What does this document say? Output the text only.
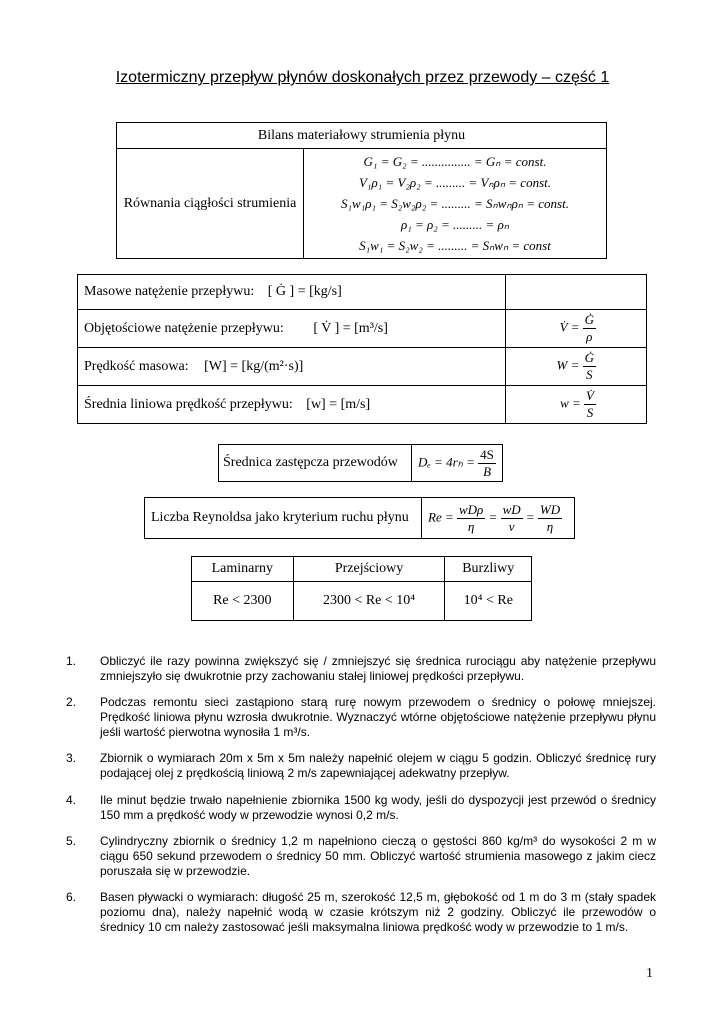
Izotermiczny przepływ płynów doskonałych przez przewody – część 1
Bilans materiałowy strumienia płynu
Równania ciągłości strumienia	
G₁ = G₂ = ............... = Gₙ = const.
V₁ρ₁ = V₂ρ₂ = ......... = Vₙρₙ = const.
S₁w₁ρ₁ = S₂w₂ρ₂ = ......... = Sₙwₙρₙ = const.
ρ₁ = ρ₂ = ......... = ρₙ
S₁w₁ = S₂w₂ = ......... = Sₙwₙ = const
Masowe natężenie przepływu: [ Ġ ] = [kg/s]	
Objętościowe natężenie przepływu: [ V̇ ] = [m³/s]	V̇ = $\frac{Ġ}{\rho}$

Prędkość masowa: [W] = [kg/(m²·s)]	$W = \frac{Ġ}{S}$

Średnia liniowa prędkość przepływu: [w] = [m/s]	$w = \frac{V̇}{S}$
Średnica zastępcza przewodów	$D_e = 4r_h = \frac{4S}{B}$
Liczba Reynoldsa jako kryterium ruchu płynu	$Re = \frac{\text{wDρ}}{\eta} = \frac{wD}{\nu} = \frac{WD}{\eta}$
Laminarny	Przejściowy	Burzliwy
Re < 2300	2300 < Re < 10⁴	10⁴ < Re
1. Obliczyć ile razy powinna zwiększyć się / zmniejszyć się średnica rurociągu aby natężenie przepływu zmniejszyło się dwukrotnie przy zachowaniu stałej liniowej prędkości przepływu.
2. Podczas remontu sieci zastąpiono starą rurę nowym przewodem o średnicy o połowę mniejszej. Prędkość liniowa płynu wzrosła dwukrotnie. Wyznaczyć wtórne objętościowe natężenie przepływu płynu jeśli wartość pierwotna wynosiła 1 m³/s.
3. Zbiornik o wymiarach 20m x 5m x 5m należy napełnić olejem w ciągu 5 godzin. Obliczyć średnicę rury podającej olej z prędkością liniową 2 m/s zapewniającej adekwatny przepływ.
4. Ile minut będzie trwało napełnienie zbiornika 1500 kg wody, jeśli do dyspozycji jest przewód o średnicy 150 mm a prędkość wody w przewodzie wynosi 0,2 m/s.
5. Cylindryczny zbiornik o średnicy 1,2 m napełniono cieczą o gęstości 860 kg/m³ do wysokości 2 m w ciągu 650 sekund przewodem o średnicy 50 mm. Obliczyć wartość strumienia masowego z jakim ciecz poruszała się w przewodzie.
6. Basen pływacki o wymiarach: długość 25 m, szerokość 12,5 m, głębokość od 1 m do 3 m (stały spadek poziomu dna), należy napełnić wodą w czasie krótszym niż 2 godziny. Obliczyć ile przewodów o średnicy 10 cm należy zastosować jeśli maksymalna liniowa prędkość wody w przewodzie to 1 m/s.
1
